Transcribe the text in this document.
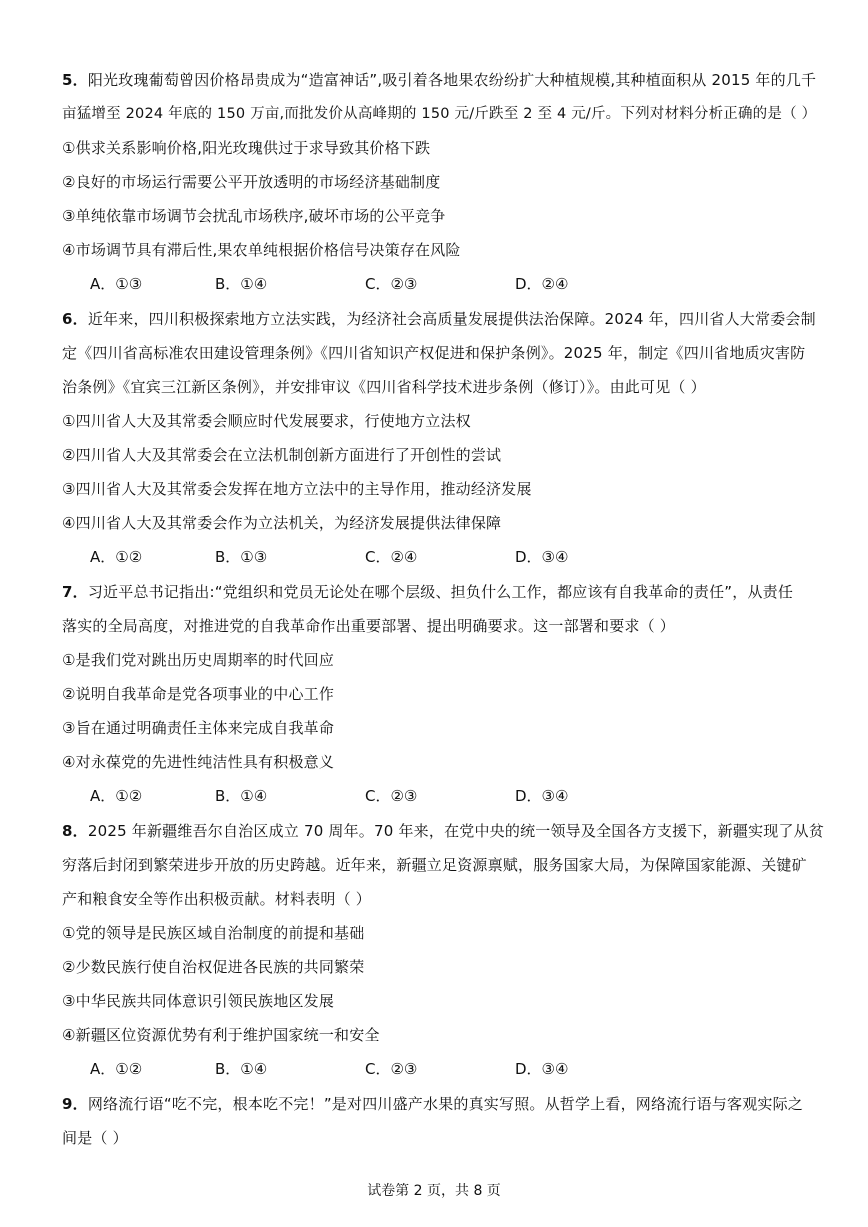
5．阳光玫瑰葡萄曾因价格昂贵成为“造富神话”,吸引着各地果农纷纷扩大种植规模,其种植面积从 2015 年的几千
亩猛增至 2024 年底的 150 万亩,而批发价从高峰期的 150 元/斤跌至 2 至 4 元/斤。下列对材料分析正确的是（ ）
①供求关系影响价格,阳光玫瑰供过于求导致其价格下跌
②良好的市场运行需要公平开放透明的市场经济基础制度
③单纯依靠市场调节会扰乱市场秩序,破坏市场的公平竞争
④市场调节具有滞后性,果农单纯根据价格信号决策存在风险
A．①③	B．①④	C．②③	D．②④
6．近年来，四川积极探索地方立法实践，为经济社会高质量发展提供法治保障。2024 年，四川省人大常委会制
定《四川省高标准农田建设管理条例》《四川省知识产权促进和保护条例》。2025 年，制定《四川省地质灾害防
治条例》《宜宾三江新区条例》，并安排审议《四川省科学技术进步条例（修订）》。由此可见（ ）
①四川省人大及其常委会顺应时代发展要求，行使地方立法权
②四川省人大及其常委会在立法机制创新方面进行了开创性的尝试
③四川省人大及其常委会发挥在地方立法中的主导作用，推动经济发展
④四川省人大及其常委会作为立法机关，为经济发展提供法律保障
A．①②	B．①③	C．②④	D．③④
7．习近平总书记指出:“党组织和党员无论处在哪个层级、担负什么工作，都应该有自我革命的责任”，从责任
落实的全局高度，对推进党的自我革命作出重要部署、提出明确要求。这一部署和要求（ ）
①是我们党对跳出历史周期率的时代回应
②说明自我革命是党各项事业的中心工作
③旨在通过明确责任主体来完成自我革命
④对永葆党的先进性纯洁性具有积极意义
A．①②	B．①④	C．②③	D．③④
8．2025 年新疆维吾尔自治区成立 70 周年。70 年来，在党中央的统一领导及全国各方支援下，新疆实现了从贫
穷落后封闭到繁荣进步开放的历史跨越。近年来，新疆立足资源禀赋，服务国家大局，为保障国家能源、关键矿
产和粮食安全等作出积极贡献。材料表明（ ）
①党的领导是民族区域自治制度的前提和基础
②少数民族行使自治权促进各民族的共同繁荣
③中华民族共同体意识引领民族地区发展
④新疆区位资源优势有利于维护国家统一和安全
A．①②	B．①④	C．②③	D．③④
9．网络流行语“吃不完，根本吃不完！”是对四川盛产水果的真实写照。从哲学上看，网络流行语与客观实际之
间是（ ）
试卷第 2 页，共 8 页
